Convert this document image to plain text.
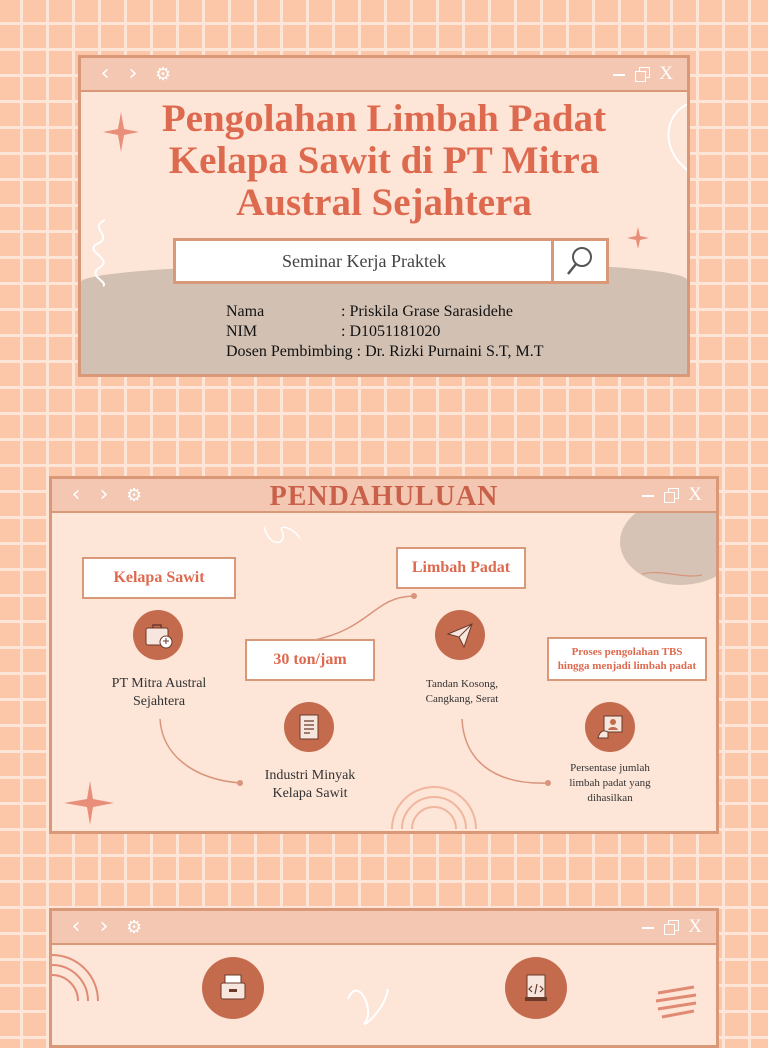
‹ › ⚙	X
Pengolahan Limbah Padat
Kelapa Sawit di PT Mitra
Austral Sejahtera
Seminar Kerja Praktek
Nama	: Priskila Grase Sarasidehe
NIM	: D1051181020
Dosen Pembimbing : Dr. Rizki Purnaini S.T, M.T
‹ › ⚙	PENDAHULUAN	X
Kelapa Sawit
Limbah Padat
30 ton/jam	Proses pengolahan TBS hingga menjadi limbah padat
PT Mitra Austral Sejahtera
Industri Minyak Kelapa Sawit
Tandan Kosong, Cangkang, Serat
Persentase jumlah limbah padat yang dihasilkan
‹ › ⚙	X
